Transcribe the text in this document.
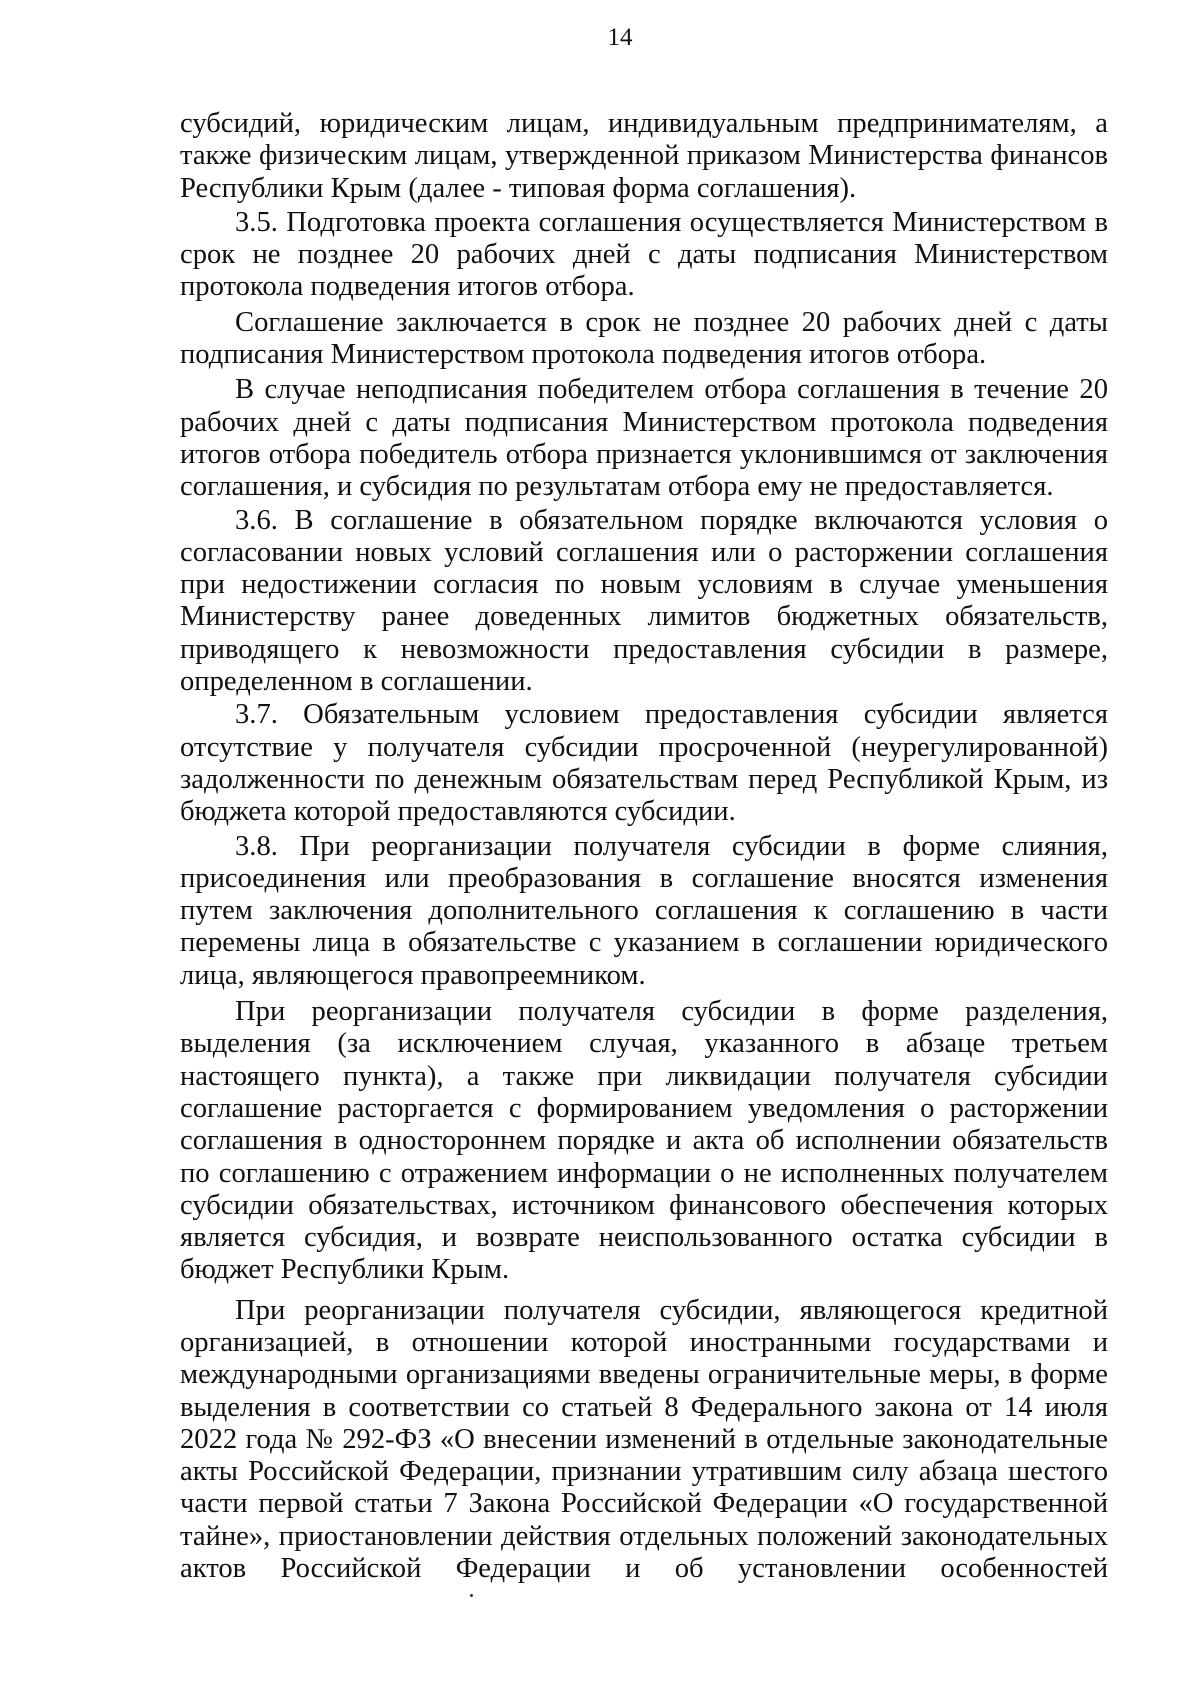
14

субсидий, юридическим лицам, индивидуальным предпринимателям, а также физическим лицам, утвержденной приказом Министерства финансов Республики Крым (далее - типовая форма соглашения).

3.5. Подготовка проекта соглашения осуществляется Министерством в срок не позднее 20 рабочих дней с даты подписания Министерством протокола подведения итогов отбора.

Соглашение заключается в срок не позднее 20 рабочих дней с даты подписания Министерством протокола подведения итогов отбора.

В случае неподписания победителем отбора соглашения в течение 20 рабочих дней с даты подписания Министерством протокола подведения итогов отбора победитель отбора признается уклонившимся от заключения соглашения, и субсидия по результатам отбора ему не предоставляется.

3.6. В соглашение в обязательном порядке включаются условия о согласовании новых условий соглашения или о расторжении соглашения при недостижении согласия по новым условиям в случае уменьшения Министерству ранее доведенных лимитов бюджетных обязательств, приводящего к невозможности предоставления субсидии в размере, определенном в соглашении.

3.7. Обязательным условием предоставления субсидии является отсутствие у получателя субсидии просроченной (неурегулированной) задолженности по денежным обязательствам перед Республикой Крым, из бюджета которой предоставляются субсидии.

3.8. При реорганизации получателя субсидии в форме слияния, присоединения или преобразования в соглашение вносятся изменения путем заключения дополнительного соглашения к соглашению в части перемены лица в обязательстве с указанием в соглашении юридического лица, являющегося правопреемником.

При реорганизации получателя субсидии в форме разделения, выделения (за исключением случая, указанного в абзаце третьем настоящего пункта), а также при ликвидации получателя субсидии соглашение расторгается с формированием уведомления о расторжении соглашения в одностороннем порядке и акта об исполнении обязательств по соглашению с отражением информации о не исполненных получателем субсидии обязательствах, источником финансового обеспечения которых является субсидия, и возврате неиспользованного остатка субсидии в бюджет Республики Крым.

При реорганизации получателя субсидии, являющегося кредитной организацией, в отношении которой иностранными государствами и международными организациями введены ограничительные меры, в форме выделения в соответствии со статьей 8 Федерального закона от 14 июля 2022 года № 292-ФЗ «О внесении изменений в отдельные законодательные акты Российской Федерации, признании утратившим силу абзаца шестого части первой статьи 7 Закона Российской Федерации «О государственной тайне», приостановлении действия отдельных положений законодательных актов Российской Федерации и об установлении особенностей
